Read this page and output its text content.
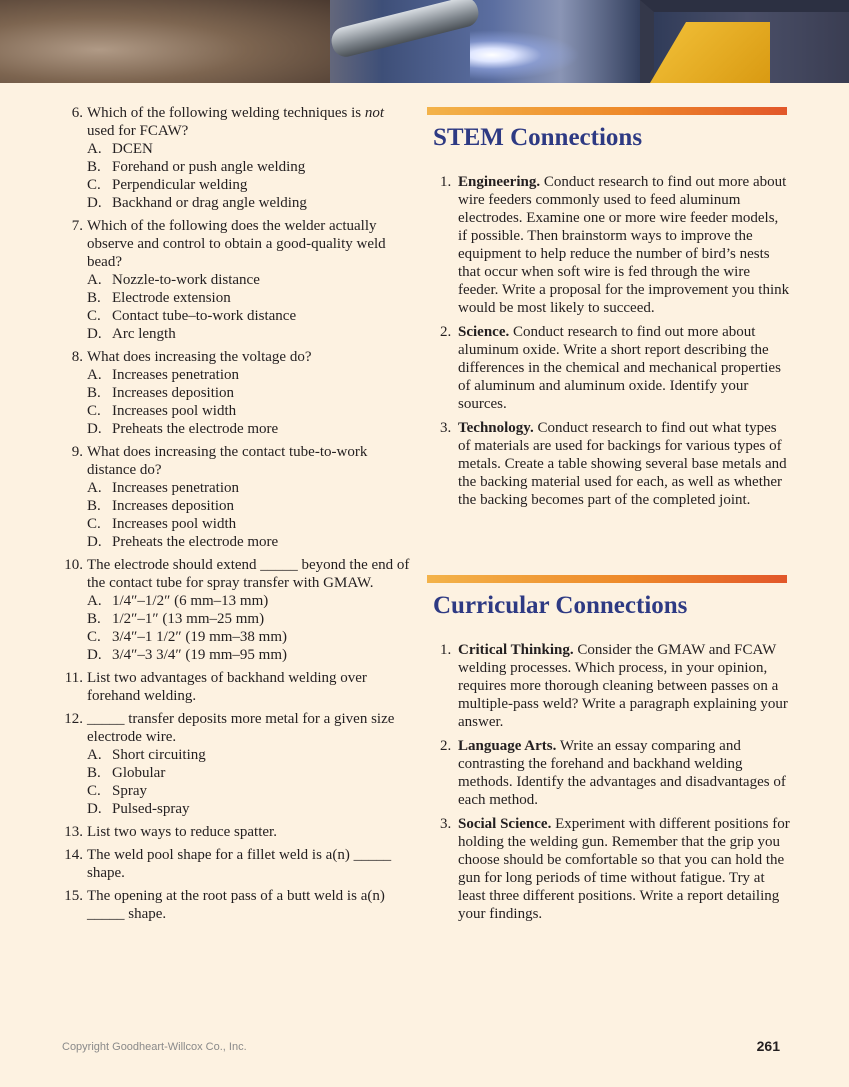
6. Which of the following welding techniques is not used for FCAW?
A. DCEN
B. Forehand or push angle welding
C. Perpendicular welding
D. Backhand or drag angle welding
7. Which of the following does the welder actually observe and control to obtain a good-quality weld bead?
A. Nozzle-to-work distance
B. Electrode extension
C. Contact tube–to-work distance
D. Arc length
8. What does increasing the voltage do?
A. Increases penetration
B. Increases deposition
C. Increases pool width
D. Preheats the electrode more
9. What does increasing the contact tube-to-work distance do?
A. Increases penetration
B. Increases deposition
C. Increases pool width
D. Preheats the electrode more
10. The electrode should extend _____ beyond the end of the contact tube for spray transfer with GMAW.
A. 1/4″–1/2″ (6 mm–13 mm)
B. 1/2″–1″ (13 mm–25 mm)
C. 3/4″–1 1/2″ (19 mm–38 mm)
D. 3/4″–3 3/4″ (19 mm–95 mm)
11. List two advantages of backhand welding over forehand welding.
12. _____ transfer deposits more metal for a given size electrode wire.
A. Short circuiting
B. Globular
C. Spray
D. Pulsed-spray
13. List two ways to reduce spatter.
14. The weld pool shape for a fillet weld is a(n) _____ shape.
15. The opening at the root pass of a butt weld is a(n) _____ shape.
STEM Connections
1. Engineering. Conduct research to find out more about wire feeders commonly used to feed aluminum electrodes. Examine one or more wire feeder models, if possible. Then brainstorm ways to improve the equipment to help reduce the number of bird’s nests that occur when soft wire is fed through the wire feeder. Write a proposal for the improvement you think would be most likely to succeed.
2. Science. Conduct research to find out more about aluminum oxide. Write a short report describing the differences in the chemical and mechanical properties of aluminum and aluminum oxide. Identify your sources.
3. Technology. Conduct research to find out what types of materials are used for backings for various types of metals. Create a table showing several base metals and the backing material used for each, as well as whether the backing becomes part of the completed joint.
Curricular Connections
1. Critical Thinking. Consider the GMAW and FCAW welding processes. Which process, in your opinion, requires more thorough cleaning between passes on a multiple-pass weld? Write a paragraph explaining your answer.
2. Language Arts. Write an essay comparing and contrasting the forehand and backhand welding methods. Identify the advantages and disadvantages of each method.
3. Social Science. Experiment with different positions for holding the welding gun. Remember that the grip you choose should be comfortable so that you can hold the gun for long periods of time without fatigue. Try at least three different positions. Write a report detailing your findings.
Copyright Goodheart-Willcox Co., Inc.	261
